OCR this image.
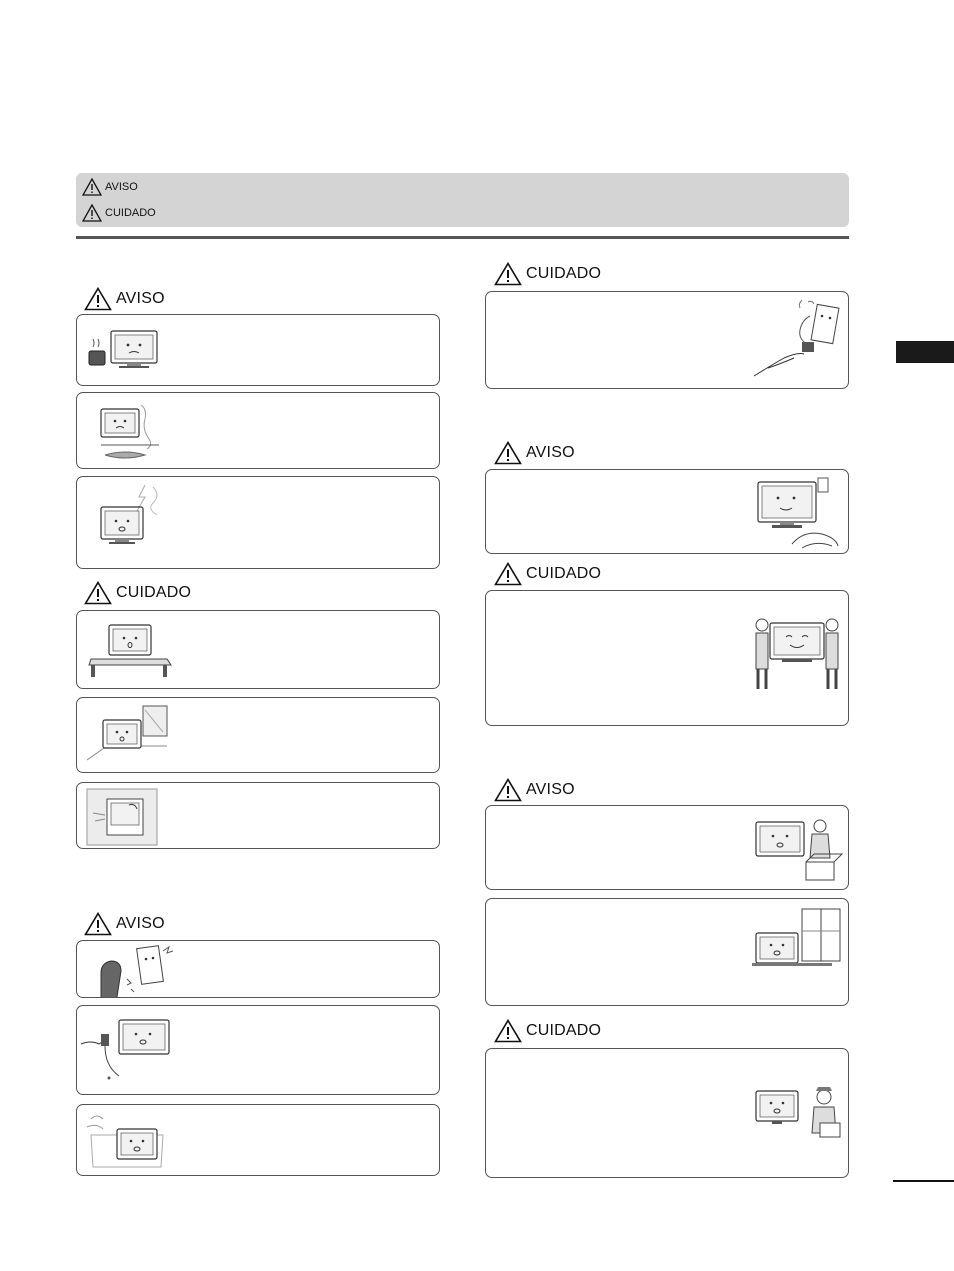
AVISO
CUIDADO
AVISO
CUIDADO
AVISO
CUIDADO
AVISO
CUIDADO
AVISO
CUIDADO
